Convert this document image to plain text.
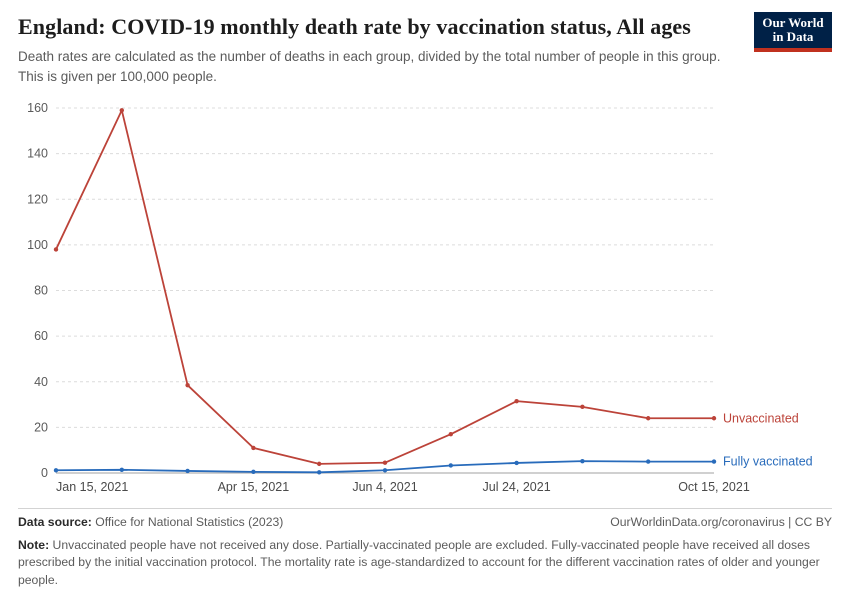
England: COVID-19 monthly death rate by vaccination status, All ages

Death rates are calculated as the number of deaths in each group, divided by the total number of people in this group. This is given per 100,000 people.

Our World
in Data
0
20
40
60
80
100
120
140
160
Jan 15, 2021	Apr 15, 2021	Jun 4, 2021	Jul 24, 2021	Oct 15, 2021
Unvaccinated
Fully vaccinated
Data source: Office for National Statistics (2023)	OurWorldinData.org/coronavirus | CC BY
Note: Unvaccinated people have not received any dose. Partially-vaccinated people are excluded. Fully-vaccinated people have received all doses prescribed by the initial vaccination protocol. The mortality rate is age-standardized to account for the different vaccination rates of older and younger people.
